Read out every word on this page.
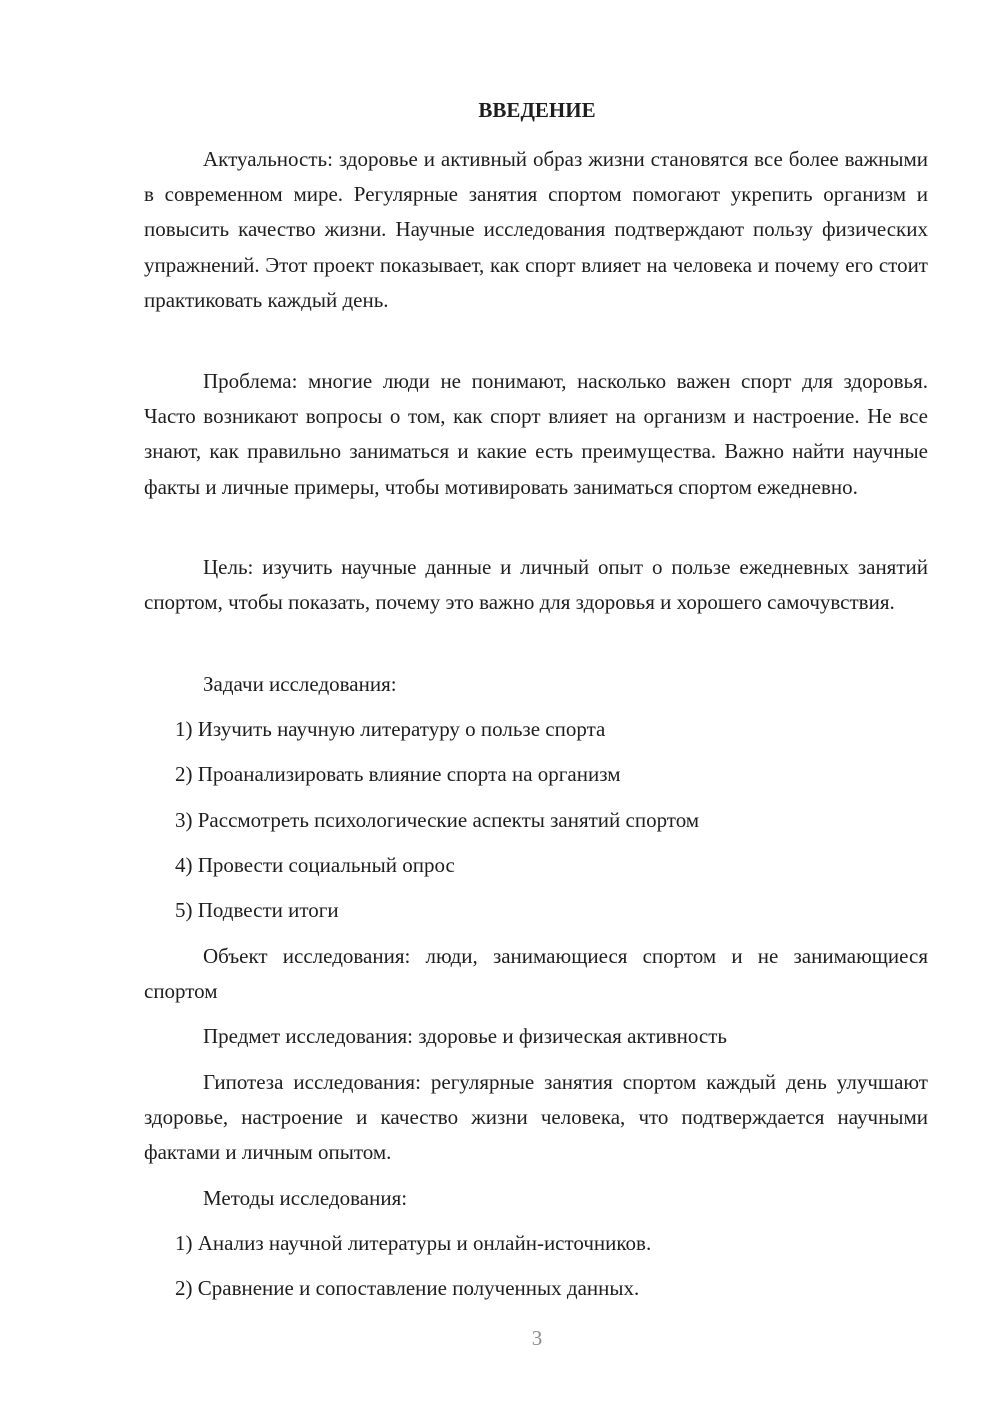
ВВЕДЕНИЕ

Актуальность: здоровье и активный образ жизни становятся все более важными в современном мире. Регулярные занятия спортом помогают укрепить организм и повысить качество жизни. Научные исследования подтверждают пользу физических упражнений. Этот проект показывает, как спорт влияет на человека и почему его стоит практиковать каждый день.

Проблема: многие люди не понимают, насколько важен спорт для здоровья. Часто возникают вопросы о том, как спорт влияет на организм и настроение. Не все знают, как правильно заниматься и какие есть преимущества. Важно найти научные факты и личные примеры, чтобы мотивировать заниматься спортом ежедневно.

Цель: изучить научные данные и личный опыт о пользе ежедневных занятий спортом, чтобы показать, почему это важно для здоровья и хорошего самочувствия.

Задачи исследования:

1) Изучить научную литературу о пользе спорта

2) Проанализировать влияние спорта на организм

3) Рассмотреть психологические аспекты занятий спортом

4) Провести социальный опрос

5) Подвести итоги

Объект исследования: люди, занимающиеся спортом и не занимающиеся спортом

Предмет исследования: здоровье и физическая активность

Гипотеза исследования: регулярные занятия спортом каждый день улучшают здоровье, настроение и качество жизни человека, что подтверждается научными фактами и личным опытом.

Методы исследования:

1) Анализ научной литературы и онлайн-источников.

2) Сравнение и сопоставление полученных данных.

3
